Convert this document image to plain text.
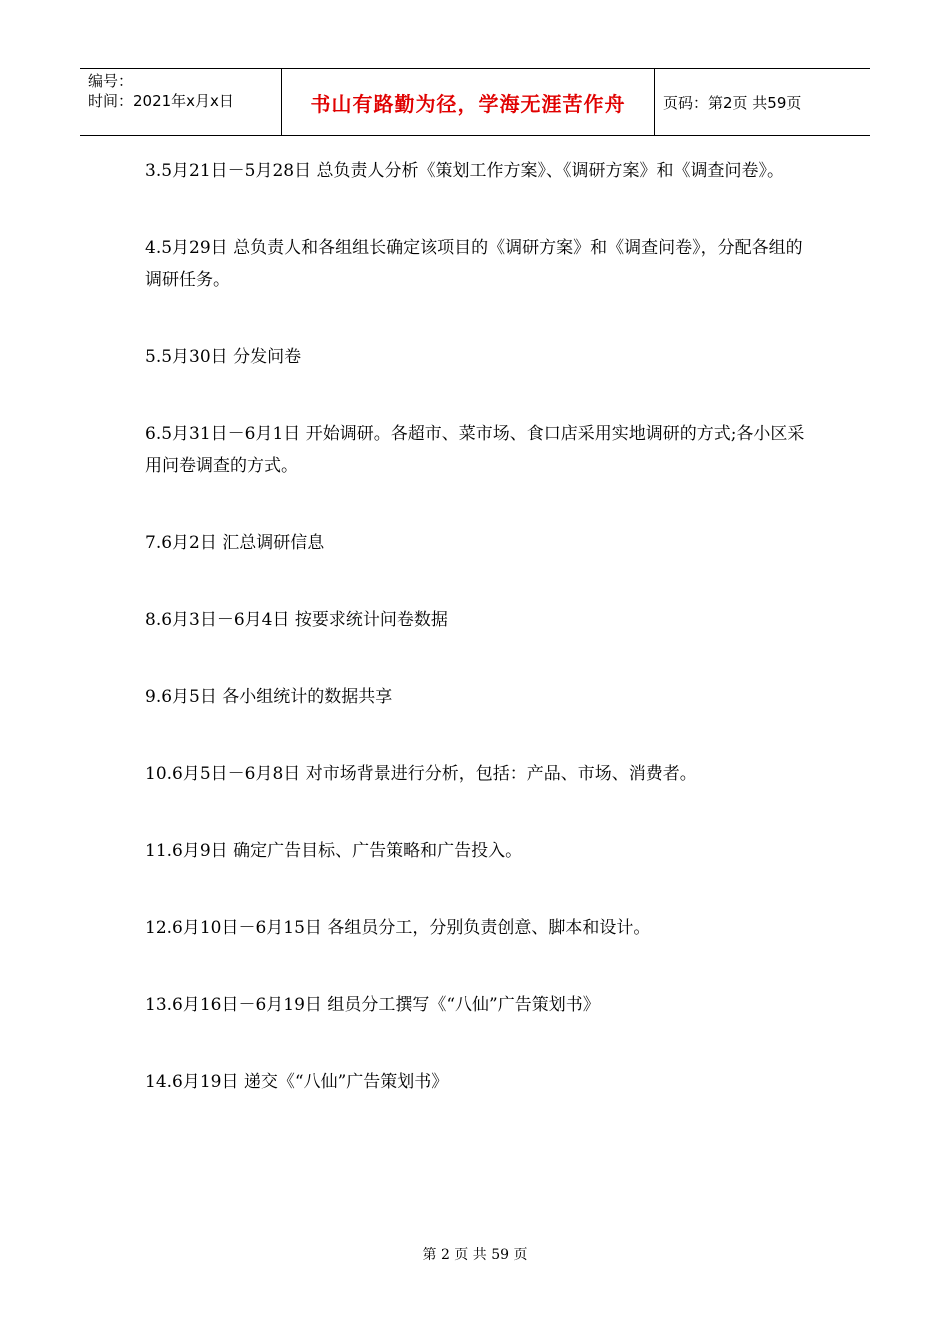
编号：
时间：2021年x月x日	书山有路勤为径，学海无涯苦作舟	页码：第2页 共59页

3.5月21日－5月28日 总负责人分析《策划工作方案》、《调研方案》和《调查问卷》。

4.5月29日 总负责人和各组组长确定该项目的《调研方案》和《调查问卷》，分配各组的调研任务。

5.5月30日 分发问卷

6.5月31日－6月1日 开始调研。各超市、菜市场、食口店采用实地调研的方式;各小区采用问卷调查的方式。

7.6月2日 汇总调研信息

8.6月3日－6月4日 按要求统计问卷数据

9.6月5日 各小组统计的数据共享

10.6月5日－6月8日 对市场背景进行分析，包括：产品、市场、消费者。

11.6月9日 确定广告目标、广告策略和广告投入。

12.6月10日－6月15日 各组员分工，分别负责创意、脚本和设计。

13.6月16日－6月19日 组员分工撰写《“八仙”广告策划书》

14.6月19日 递交《“八仙”广告策划书》

第 2 页 共 59 页
